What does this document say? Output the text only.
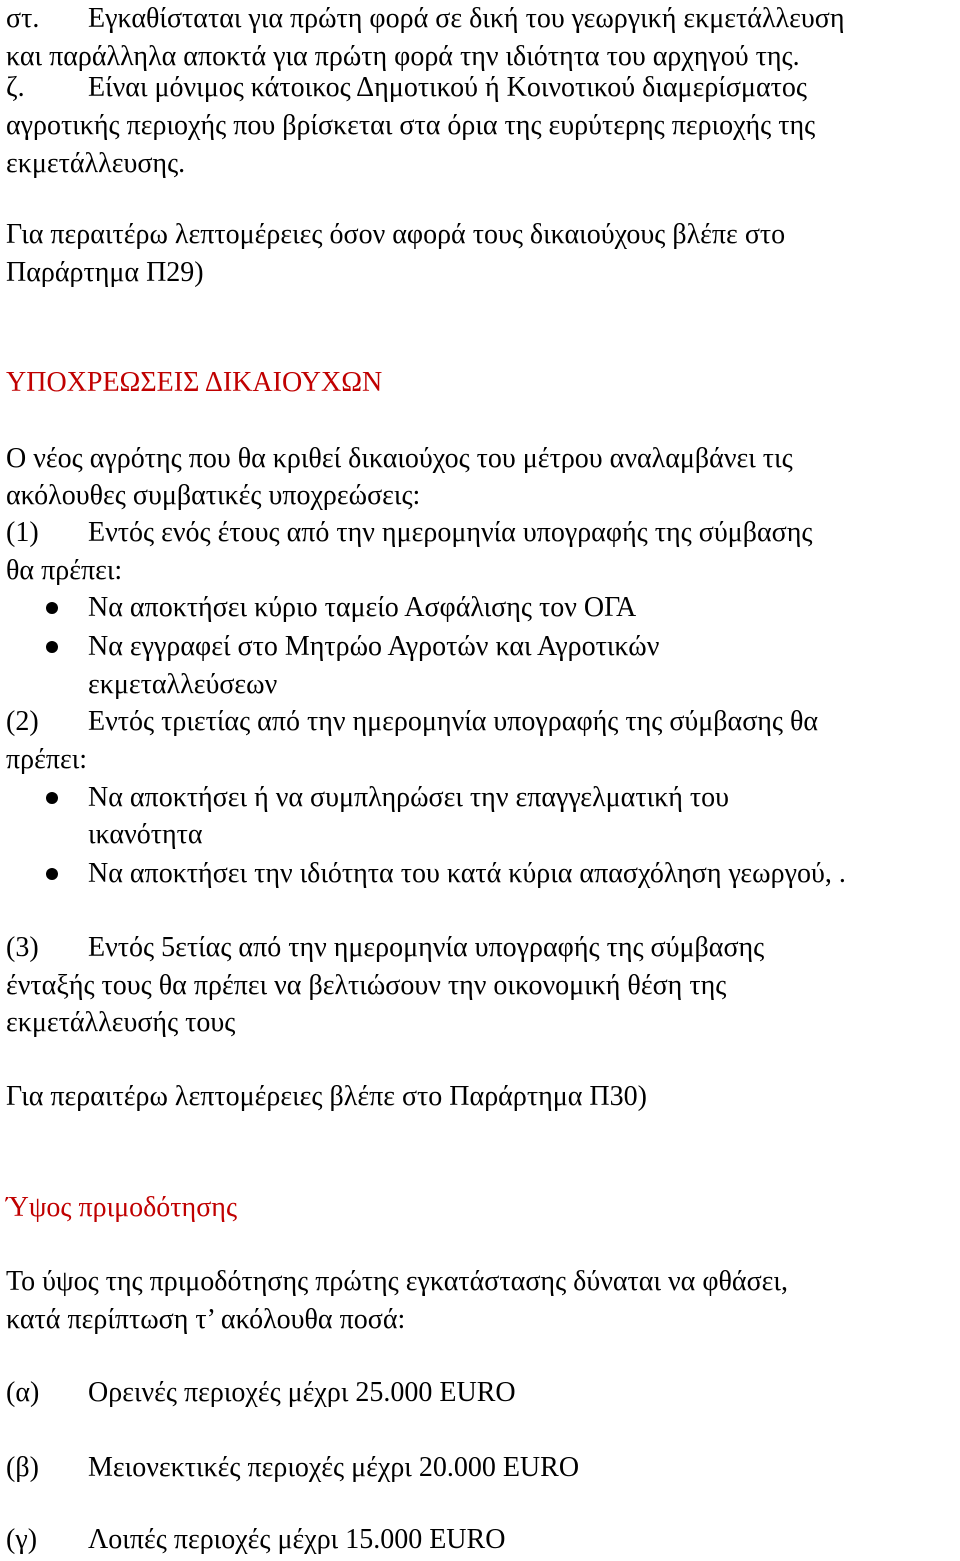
στ. Εγκαθίσταται για πρώτη φορά σε δική του γεωργική εκμετάλλευση
και παράλληλα αποκτά για πρώτη φορά την ιδιότητα του αρχηγού της.
ζ. Είναι μόνιμος κάτοικος Δημοτικού ή Κοινοτικού διαμερίσματος
αγροτικής περιοχής που βρίσκεται στα όρια της ευρύτερης περιοχής της
εκμετάλλευσης.
Για περαιτέρω λεπτομέρειες όσον αφορά τους δικαιούχους βλέπε στο
Παράρτημα Π29)
ΥΠΟΧΡΕΩΣΕΙΣ ΔΙΚΑΙΟΥΧΩΝ
Ο νέος αγρότης που θα κριθεί δικαιούχος του μέτρου αναλαμβάνει τις
ακόλουθες συμβατικές υποχρεώσεις:
(1) Εντός ενός έτους από την ημερομηνία υπογραφής της σύμβασης
θα πρέπει:
Να αποκτήσει κύριο ταμείο Ασφάλισης τον ΟΓΑ
Να εγγραφεί στο Μητρώο Αγροτών και Αγροτικών
εκμεταλλεύσεων
(2) Εντός τριετίας από την ημερομηνία υπογραφής της σύμβασης θα
πρέπει:
Να αποκτήσει ή να συμπληρώσει την επαγγελματική του
ικανότητα
Να αποκτήσει την ιδιότητα του κατά κύρια απασχόληση γεωργού, .
(3) Εντός 5ετίας από την ημερομηνία υπογραφής της σύμβασης
ένταξής τους θα πρέπει να βελτιώσουν την οικονομική θέση της
εκμετάλλευσής τους
Για περαιτέρω λεπτομέρειες βλέπε στο Παράρτημα Π30)
Ύψος πριμοδότησης
Το ύψος της πριμοδότησης πρώτης εγκατάστασης δύναται να φθάσει,
κατά περίπτωση τ’ ακόλουθα ποσά:
(α) Ορεινές περιοχές μέχρι 25.000 EURO
(β) Μειονεκτικές περιοχές μέχρι 20.000 EURO
(γ) Λοιπές περιοχές μέχρι 15.000 EURO
